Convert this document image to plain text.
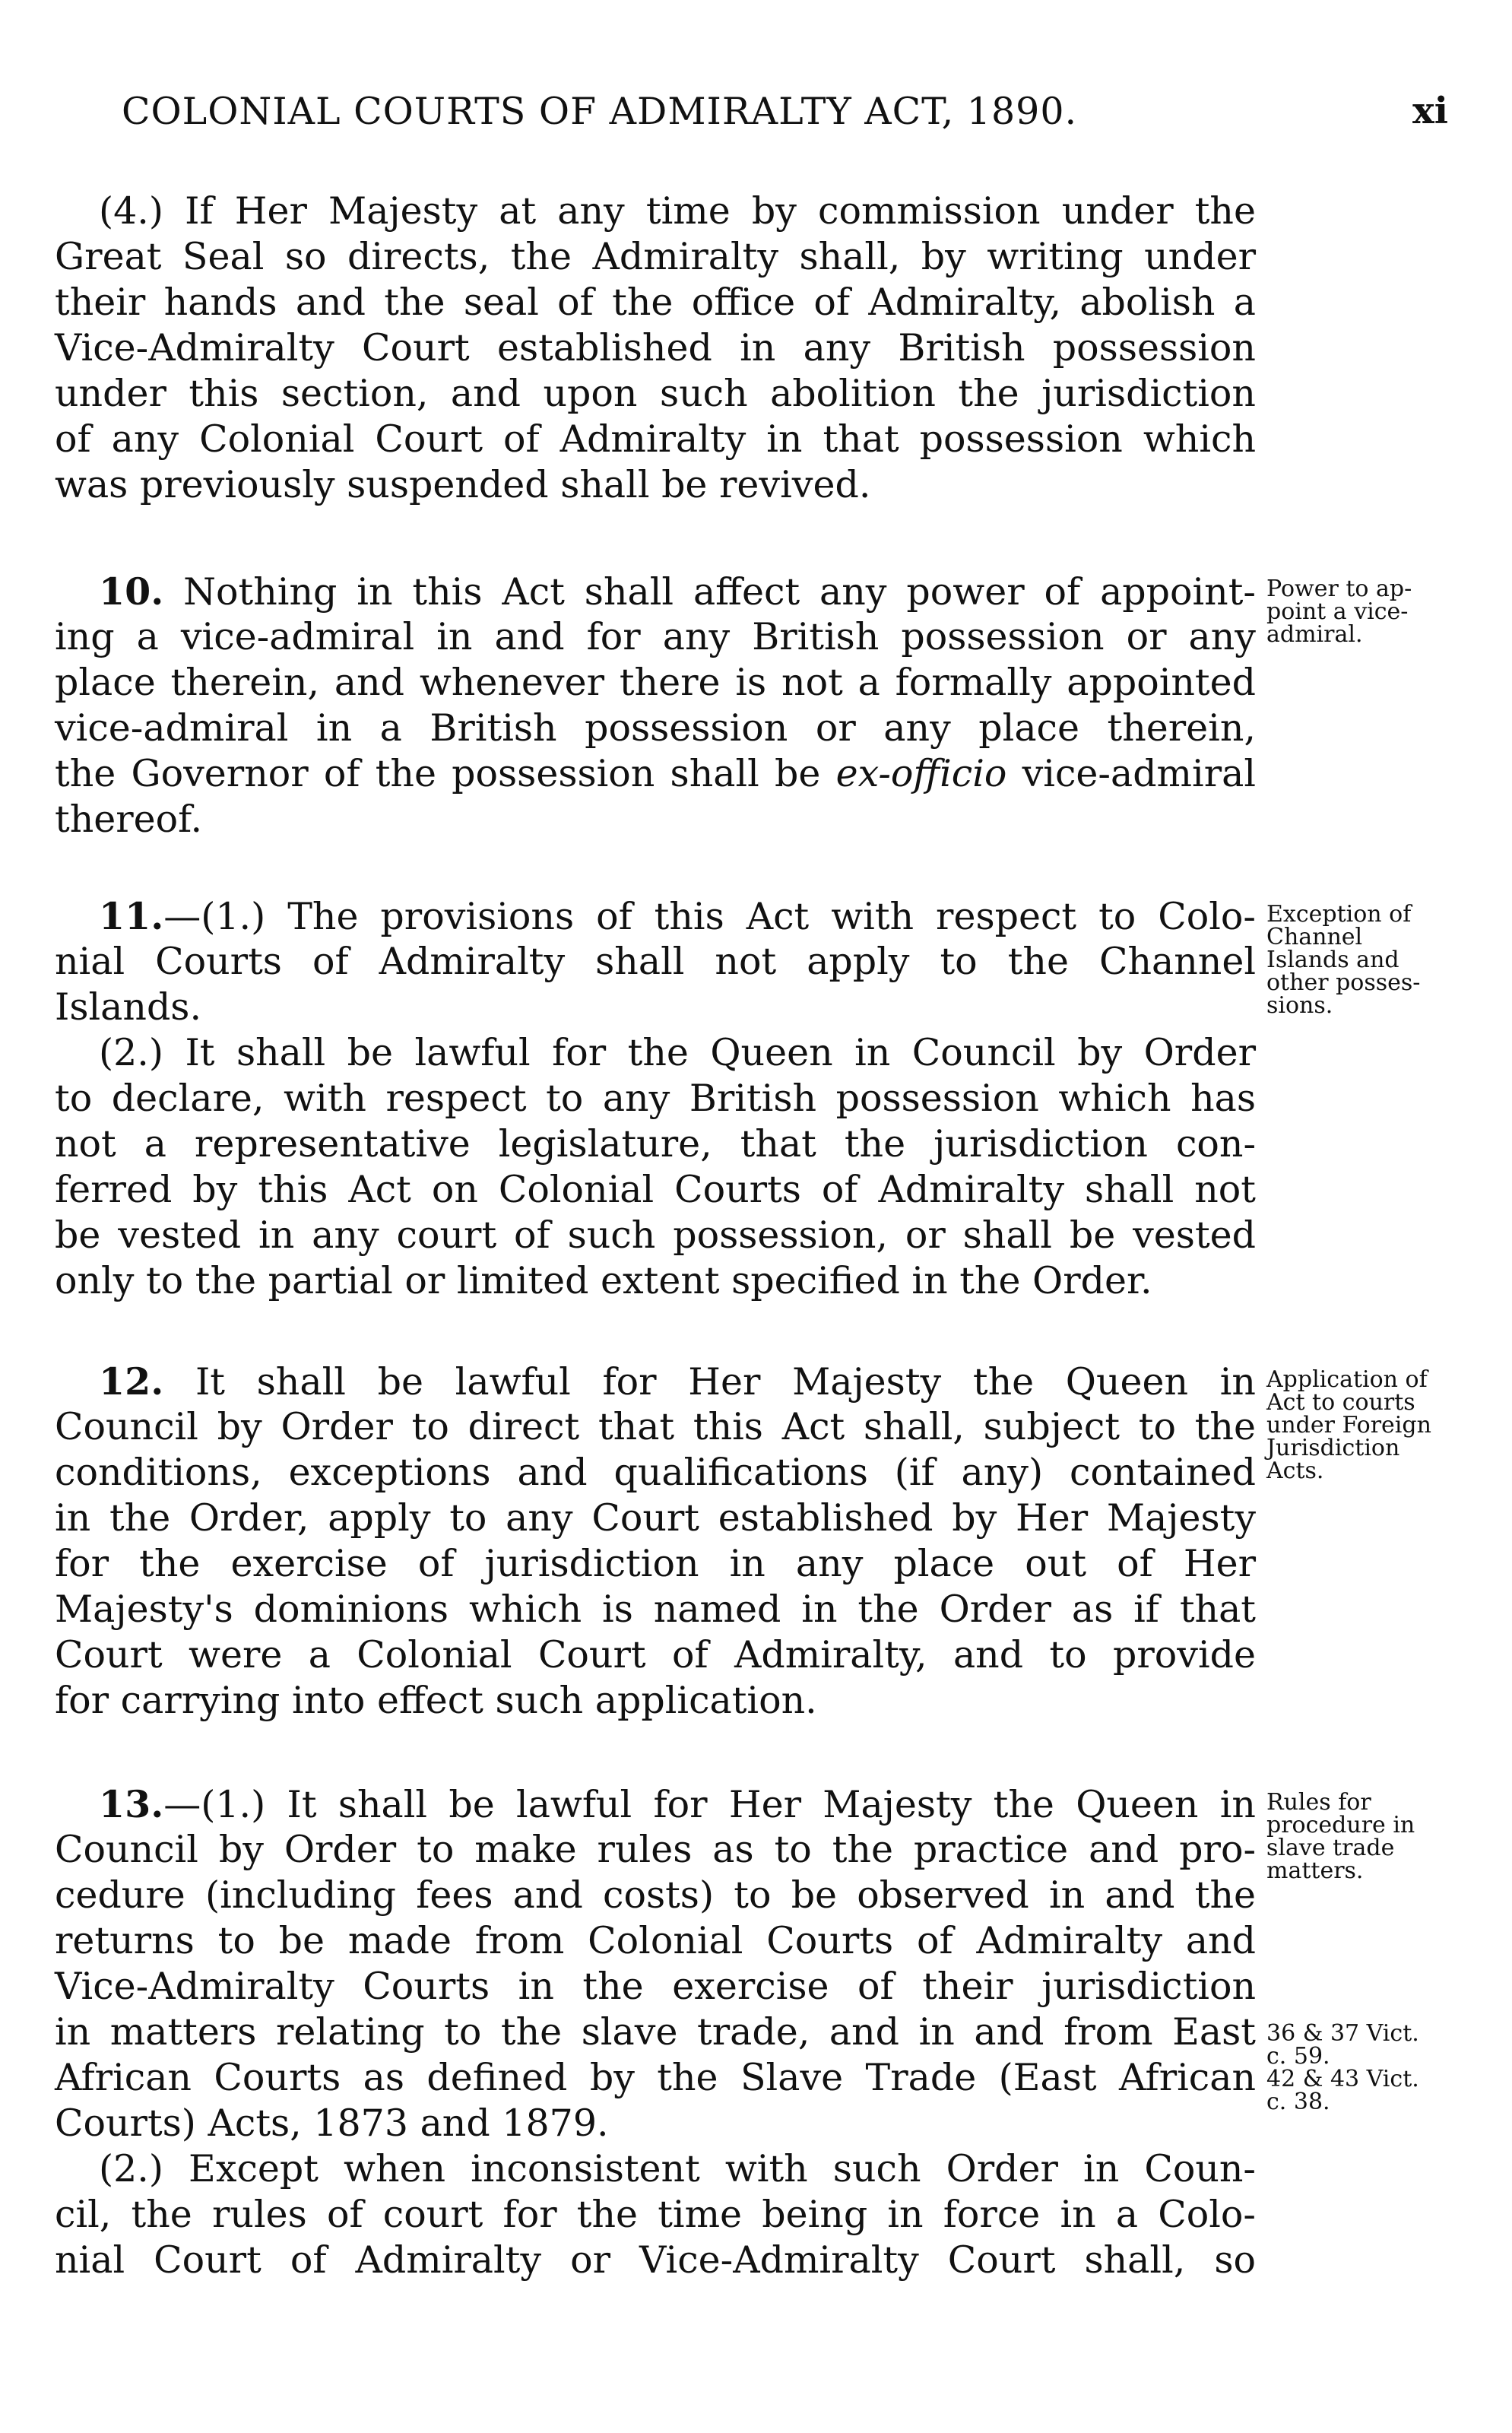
COLONIAL COURTS OF ADMIRALTY ACT, 1890.	xi
(4.) If Her Majesty at any time by commission under the
Great Seal so directs, the Admiralty shall, by writing under
their hands and the seal of the office of Admiralty, abolish a
Vice-Admiralty Court established in any British possession
under this section, and upon such abolition the jurisdiction
of any Colonial Court of Admiralty in that possession which
was previously suspended shall be revived.
10. Nothing in this Act shall affect any power of appoint-
ing a vice-admiral in and for any British possession or any
place therein, and whenever there is not a formally appointed
vice-admiral in a British possession or any place therein,
the Governor of the possession shall be ex-officio vice-admiral
thereof.
Power to ap-
point a vice-
admiral.
11.—(1.) The provisions of this Act with respect to Colo-
nial Courts of Admiralty shall not apply to the Channel
Islands.
(2.) It shall be lawful for the Queen in Council by Order
to declare, with respect to any British possession which has
not a representative legislature, that the jurisdiction con-
ferred by this Act on Colonial Courts of Admiralty shall not
be vested in any court of such possession, or shall be vested
only to the partial or limited extent specified in the Order.
Exception of
Channel
Islands and
other posses-
sions.
12. It shall be lawful for Her Majesty the Queen in
Council by Order to direct that this Act shall, subject to the
conditions, exceptions and qualifications (if any) contained
in the Order, apply to any Court established by Her Majesty
for the exercise of jurisdiction in any place out of Her
Majesty's dominions which is named in the Order as if that
Court were a Colonial Court of Admiralty, and to provide
for carrying into effect such application.
Application of
Act to courts
under Foreign
Jurisdiction
Acts.
13.—(1.) It shall be lawful for Her Majesty the Queen in
Council by Order to make rules as to the practice and pro-
cedure (including fees and costs) to be observed in and the
returns to be made from Colonial Courts of Admiralty and
Vice-Admiralty Courts in the exercise of their jurisdiction
in matters relating to the slave trade, and in and from East
African Courts as defined by the Slave Trade (East African
Courts) Acts, 1873 and 1879.
(2.) Except when inconsistent with such Order in Coun-
cil, the rules of court for the time being in force in a Colo-
nial Court of Admiralty or Vice-Admiralty Court shall, so
Rules for
procedure in
slave trade
matters.
36 & 37 Vict.
c. 59.
42 & 43 Vict.
c. 38.
